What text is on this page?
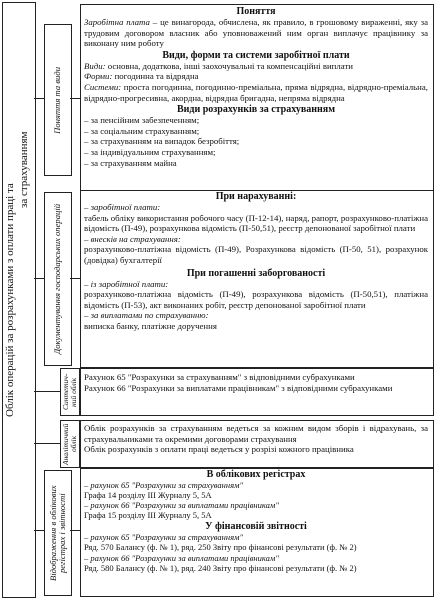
Облік операцій за розрахунками з оплати праці та
за страхуванням
Поняття та види
Поняття

Заробітна плата – це винагорода, обчислена, як правило, в грошовому вираженні, яку за трудовим договором власник або уповноважений ним орган виплачує працівнику за виконану ним роботу

Види, форми та системи заробітної плати

Види: основна, додаткова, інші заохочувальні та компенсаційні виплати

Форми: погодинна та відрядна

Системи: проста погодинна, погодинно-преміальна, пряма відрядна, відрядно-преміальна, відрядно-прогресивна, акордна, відрядна бригадна, непряма відрядна

Види розрахунків за страхуванням
– за пенсійним забезпеченням;
– за соціальним страхуванням;
– за страхуванням на випадок безробіття;
– за індивідуальним страхуванням;
– за страхуванням майна
Документування господарських операцій
При нарахуванні:

– заробітної плати:

табель обліку використання робочого часу (П-12-14), наряд, рапорт, розрахунково-платіжна відомість (П-49), розрахункова відомість (П-50,51), реєстр депонованої заробітної плати

– внесків на страхування:

розрахунково-платіжна відомість (П-49), Розрахункова відомість (П-50, 51), розрахунок (довідка) бухгалтерії

При погашенні заборгованості

– із заробітної плати:

розрахунково-платіжна відомість (П-49), розрахункова відомість (П-50,51), платіжна відомість (П-53), акт виконаних робіт, реєстр депонованої заробітної плати

– за виплатами по страхуванню:

виписка банку, платіжне доручення

Синтетич-ний облік

Рахунок 65 "Розрахунки за страхуванням" з відповідними субрахунками

Рахунок 66 "Розрахунки за виплатами працівникам" з відповідними субрахунками

Аналітичний облік

Облік розрахунків за страхуванням ведеться за кожним видом зборів і відрахувань, за страхувальниками та окремими договорами страхування

Облік розрахунків з оплати праці ведеться у розрізі кожного працівника

Відображення в облікових регістрах і звітності
В облікових регістрах

– рахунок 65 "Розрахунки за страхуванням"

Графа 14 розділу ІІІ Журналу 5, 5А

– рахунок 66 "Розрахунки за виплатами працівникам"

Графа 15 розділу ІІІ Журналу 5, 5А

У фінансовій звітності

– рахунок 65 "Розрахунки за страхуванням"

Ряд. 570 Балансу (ф. № 1), ряд. 250 Звіту про фінансові результати (ф. № 2)

– рахунок 66 "Розрахунки за виплатами працівникам"

Ряд. 580 Балансу (ф. № 1), ряд. 240 Звіту про фінансові результати (ф. № 2)
